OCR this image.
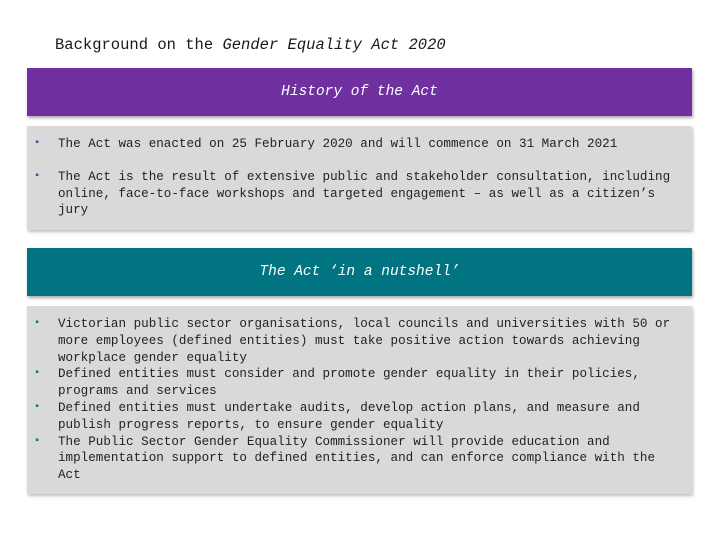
Background on the Gender Equality Act 2020
History of the Act
▪ The Act was enacted on 25 February 2020 and will commence on 31 March 2021
▪ The Act is the result of extensive public and stakeholder consultation, including online, face-to-face workshops and targeted engagement – as well as a citizen’s jury
The Act ‘in a nutshell’
▪ Victorian public sector organisations, local councils and universities with 50 or more employees (defined entities) must take positive action towards achieving workplace gender equality
▪ Defined entities must consider and promote gender equality in their policies, programs and services
▪ Defined entities must undertake audits, develop action plans, and measure and publish progress reports, to ensure gender equality
▪ The Public Sector Gender Equality Commissioner will provide education and implementation support to defined entities, and can enforce compliance with the Act
